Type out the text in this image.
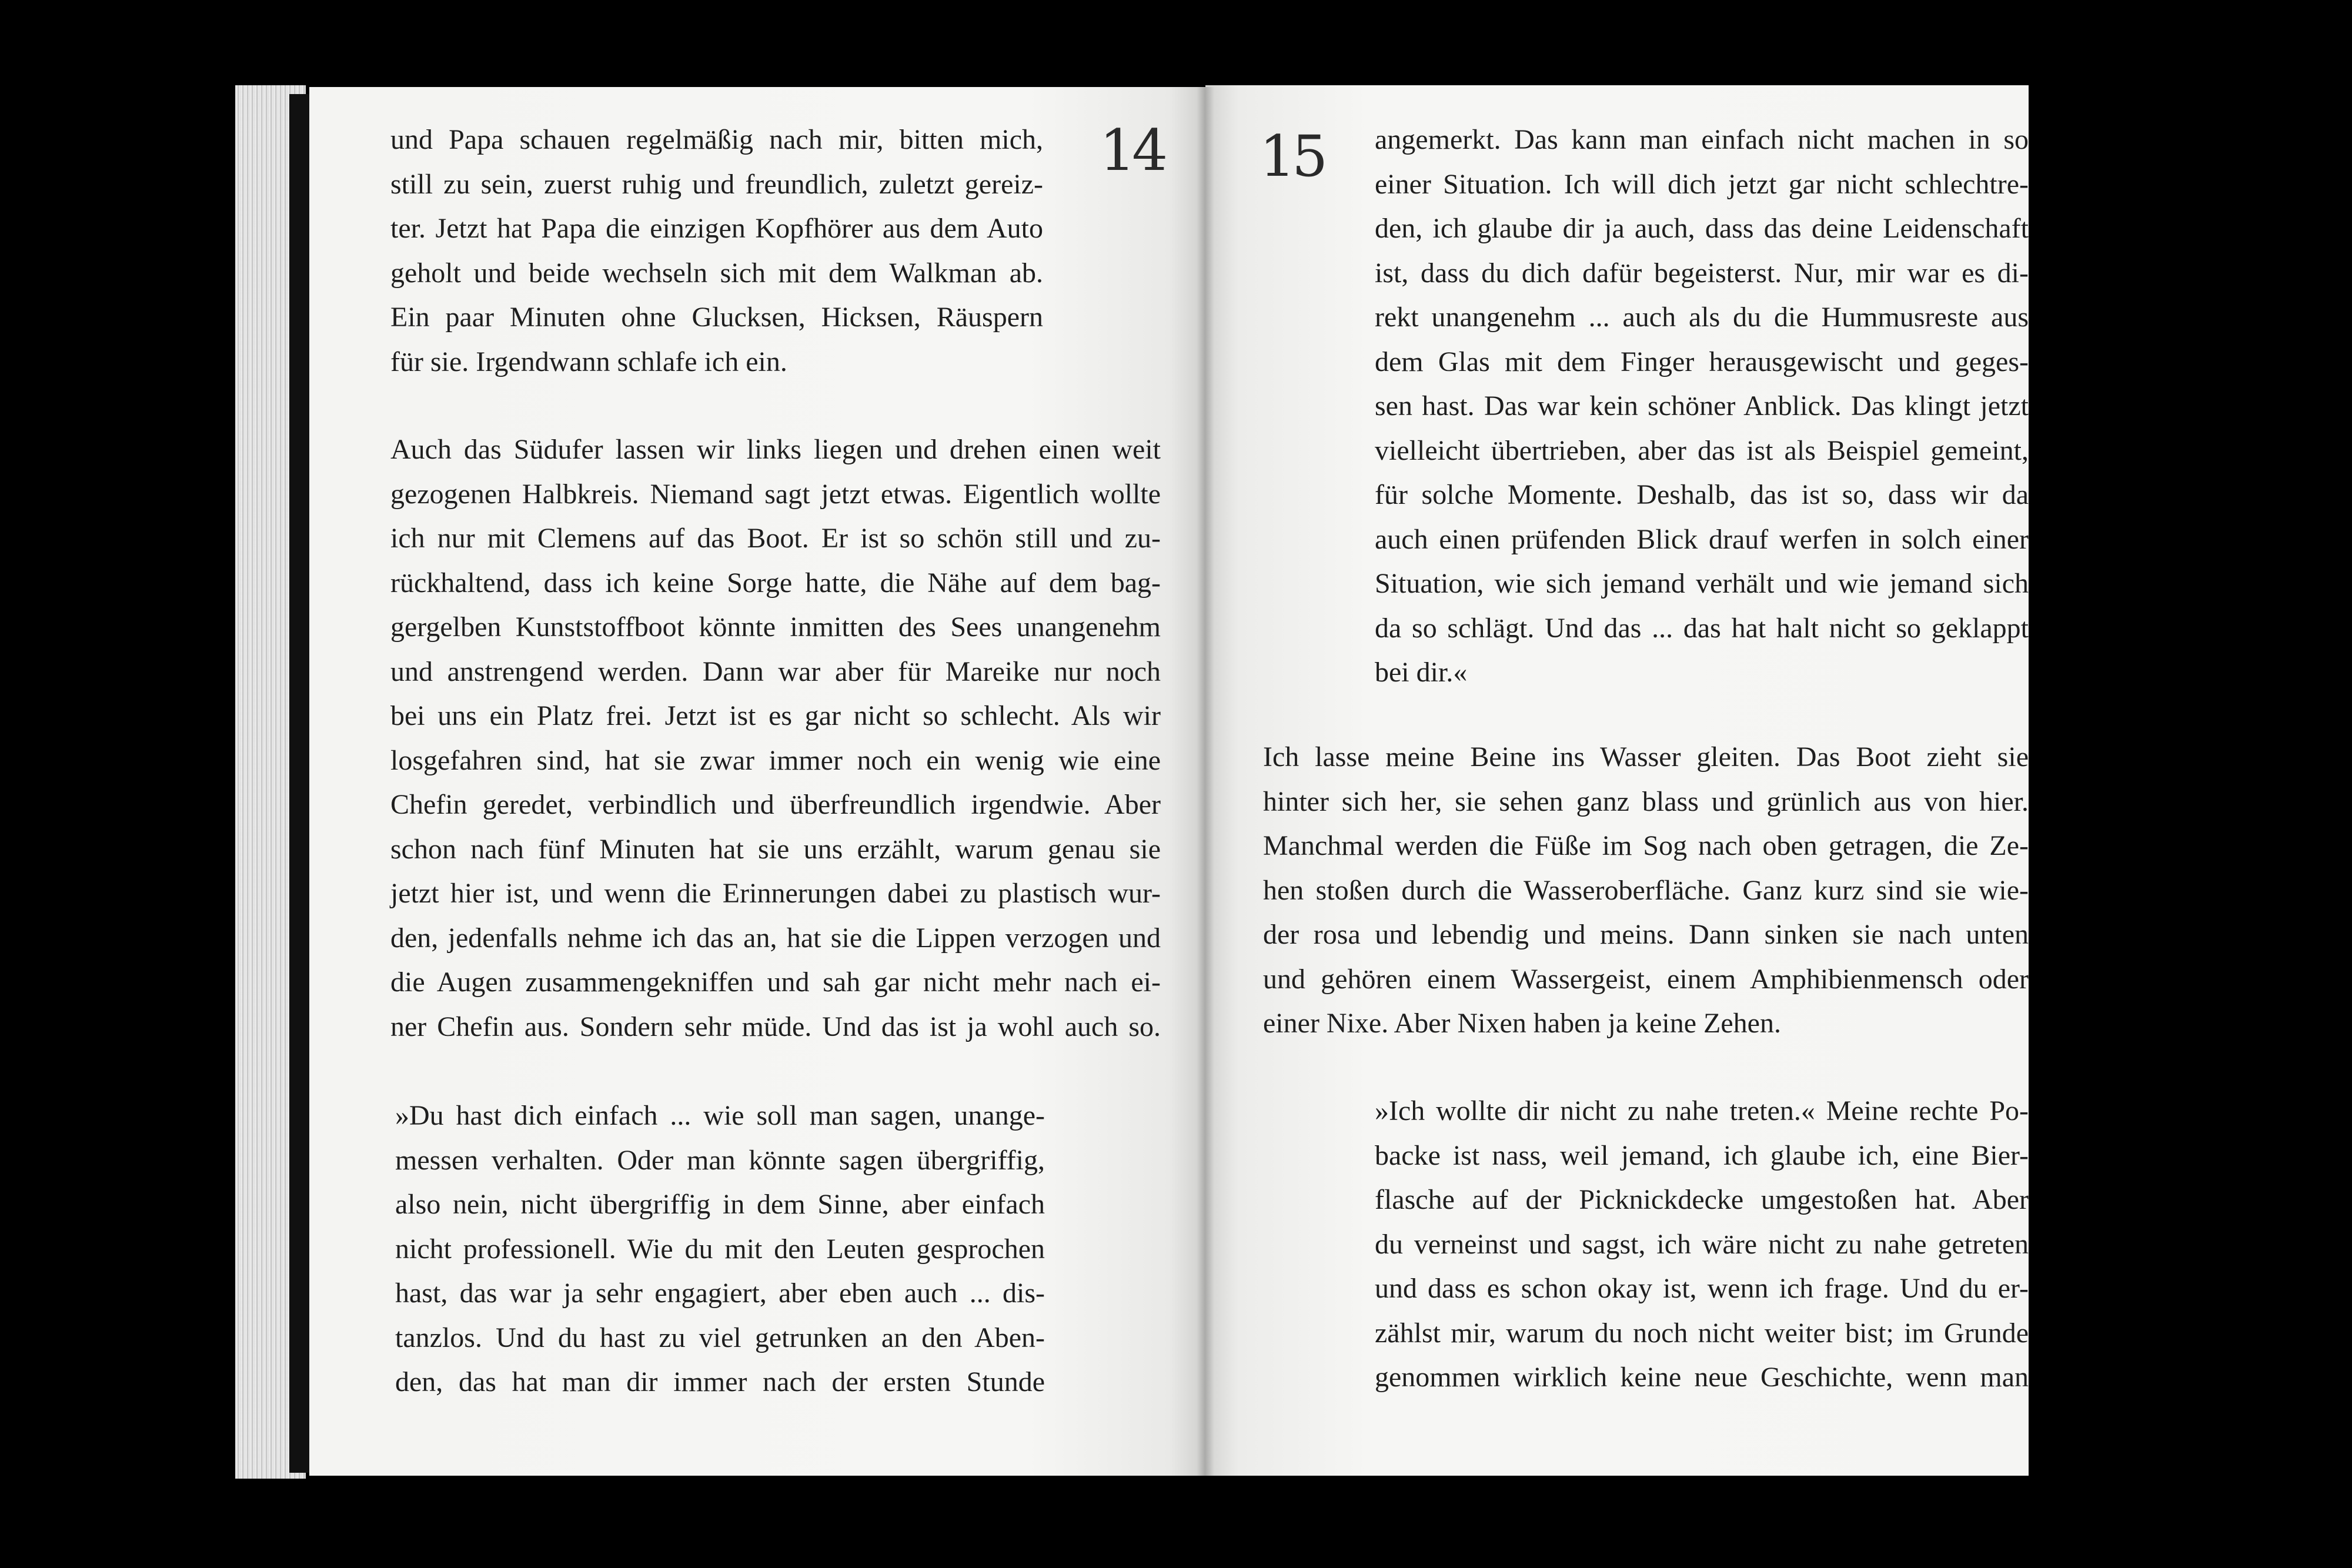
14 15

und Papa schauen regelmäßig nach mir, bitten mich,
still zu sein, zuerst ruhig und freundlich, zuletzt gereiz-
ter. Jetzt hat Papa die einzigen Kopfhörer aus dem Auto
geholt und beide wechseln sich mit dem Walkman ab.
Ein paar Minuten ohne Glucksen, Hicksen, Räuspern
für sie. Irgendwann schlafe ich ein.

Auch das Südufer lassen wir links liegen und drehen einen weit
gezogenen Halbkreis. Niemand sagt jetzt etwas. Eigentlich wollte
ich nur mit Clemens auf das Boot. Er ist so schön still und zu-
rückhaltend, dass ich keine Sorge hatte, die Nähe auf dem bag-
gergelben Kunststoffboot könnte inmitten des Sees unangenehm
und anstrengend werden. Dann war aber für Mareike nur noch
bei uns ein Platz frei. Jetzt ist es gar nicht so schlecht. Als wir
losgefahren sind, hat sie zwar immer noch ein wenig wie eine
Chefin geredet, verbindlich und überfreundlich irgendwie. Aber
schon nach fünf Minuten hat sie uns erzählt, warum genau sie
jetzt hier ist, und wenn die Erinnerungen dabei zu plastisch wur-
den, jedenfalls nehme ich das an, hat sie die Lippen verzogen und
die Augen zusammengekniffen und sah gar nicht mehr nach ei-
ner Chefin aus. Sondern sehr müde. Und das ist ja wohl auch so.

»Du hast dich einfach ... wie soll man sagen, unange-
messen verhalten. Oder man könnte sagen übergriffig,
also nein, nicht übergriffig in dem Sinne, aber einfach
nicht professionell. Wie du mit den Leuten gesprochen
hast, das war ja sehr engagiert, aber eben auch ... dis-
tanzlos. Und du hast zu viel getrunken an den Aben-
den, das hat man dir immer nach der ersten Stunde

angemerkt. Das kann man einfach nicht machen in so
einer Situation. Ich will dich jetzt gar nicht schlechtre-
den, ich glaube dir ja auch, dass das deine Leidenschaft
ist, dass du dich dafür begeisterst. Nur, mir war es di-
rekt unangenehm ... auch als du die Hummusreste aus
dem Glas mit dem Finger herausgewischt und geges-
sen hast. Das war kein schöner Anblick. Das klingt jetzt
vielleicht übertrieben, aber das ist als Beispiel gemeint,
für solche Momente. Deshalb, das ist so, dass wir da
auch einen prüfenden Blick drauf werfen in solch einer
Situation, wie sich jemand verhält und wie jemand sich
da so schlägt. Und das ... das hat halt nicht so geklappt
bei dir.«

Ich lasse meine Beine ins Wasser gleiten. Das Boot zieht sie
hinter sich her, sie sehen ganz blass und grünlich aus von hier.
Manchmal werden die Füße im Sog nach oben getragen, die Ze-
hen stoßen durch die Wasseroberfläche. Ganz kurz sind sie wie-
der rosa und lebendig und meins. Dann sinken sie nach unten
und gehören einem Wassergeist, einem Amphibienmensch oder
einer Nixe. Aber Nixen haben ja keine Zehen.

»Ich wollte dir nicht zu nahe treten.« Meine rechte Po-
backe ist nass, weil jemand, ich glaube ich, eine Bier-
flasche auf der Picknickdecke umgestoßen hat. Aber
du verneinst und sagst, ich wäre nicht zu nahe getreten
und dass es schon okay ist, wenn ich frage. Und du er-
zählst mir, warum du noch nicht weiter bist; im Grunde
genommen wirklich keine neue Geschichte, wenn man
